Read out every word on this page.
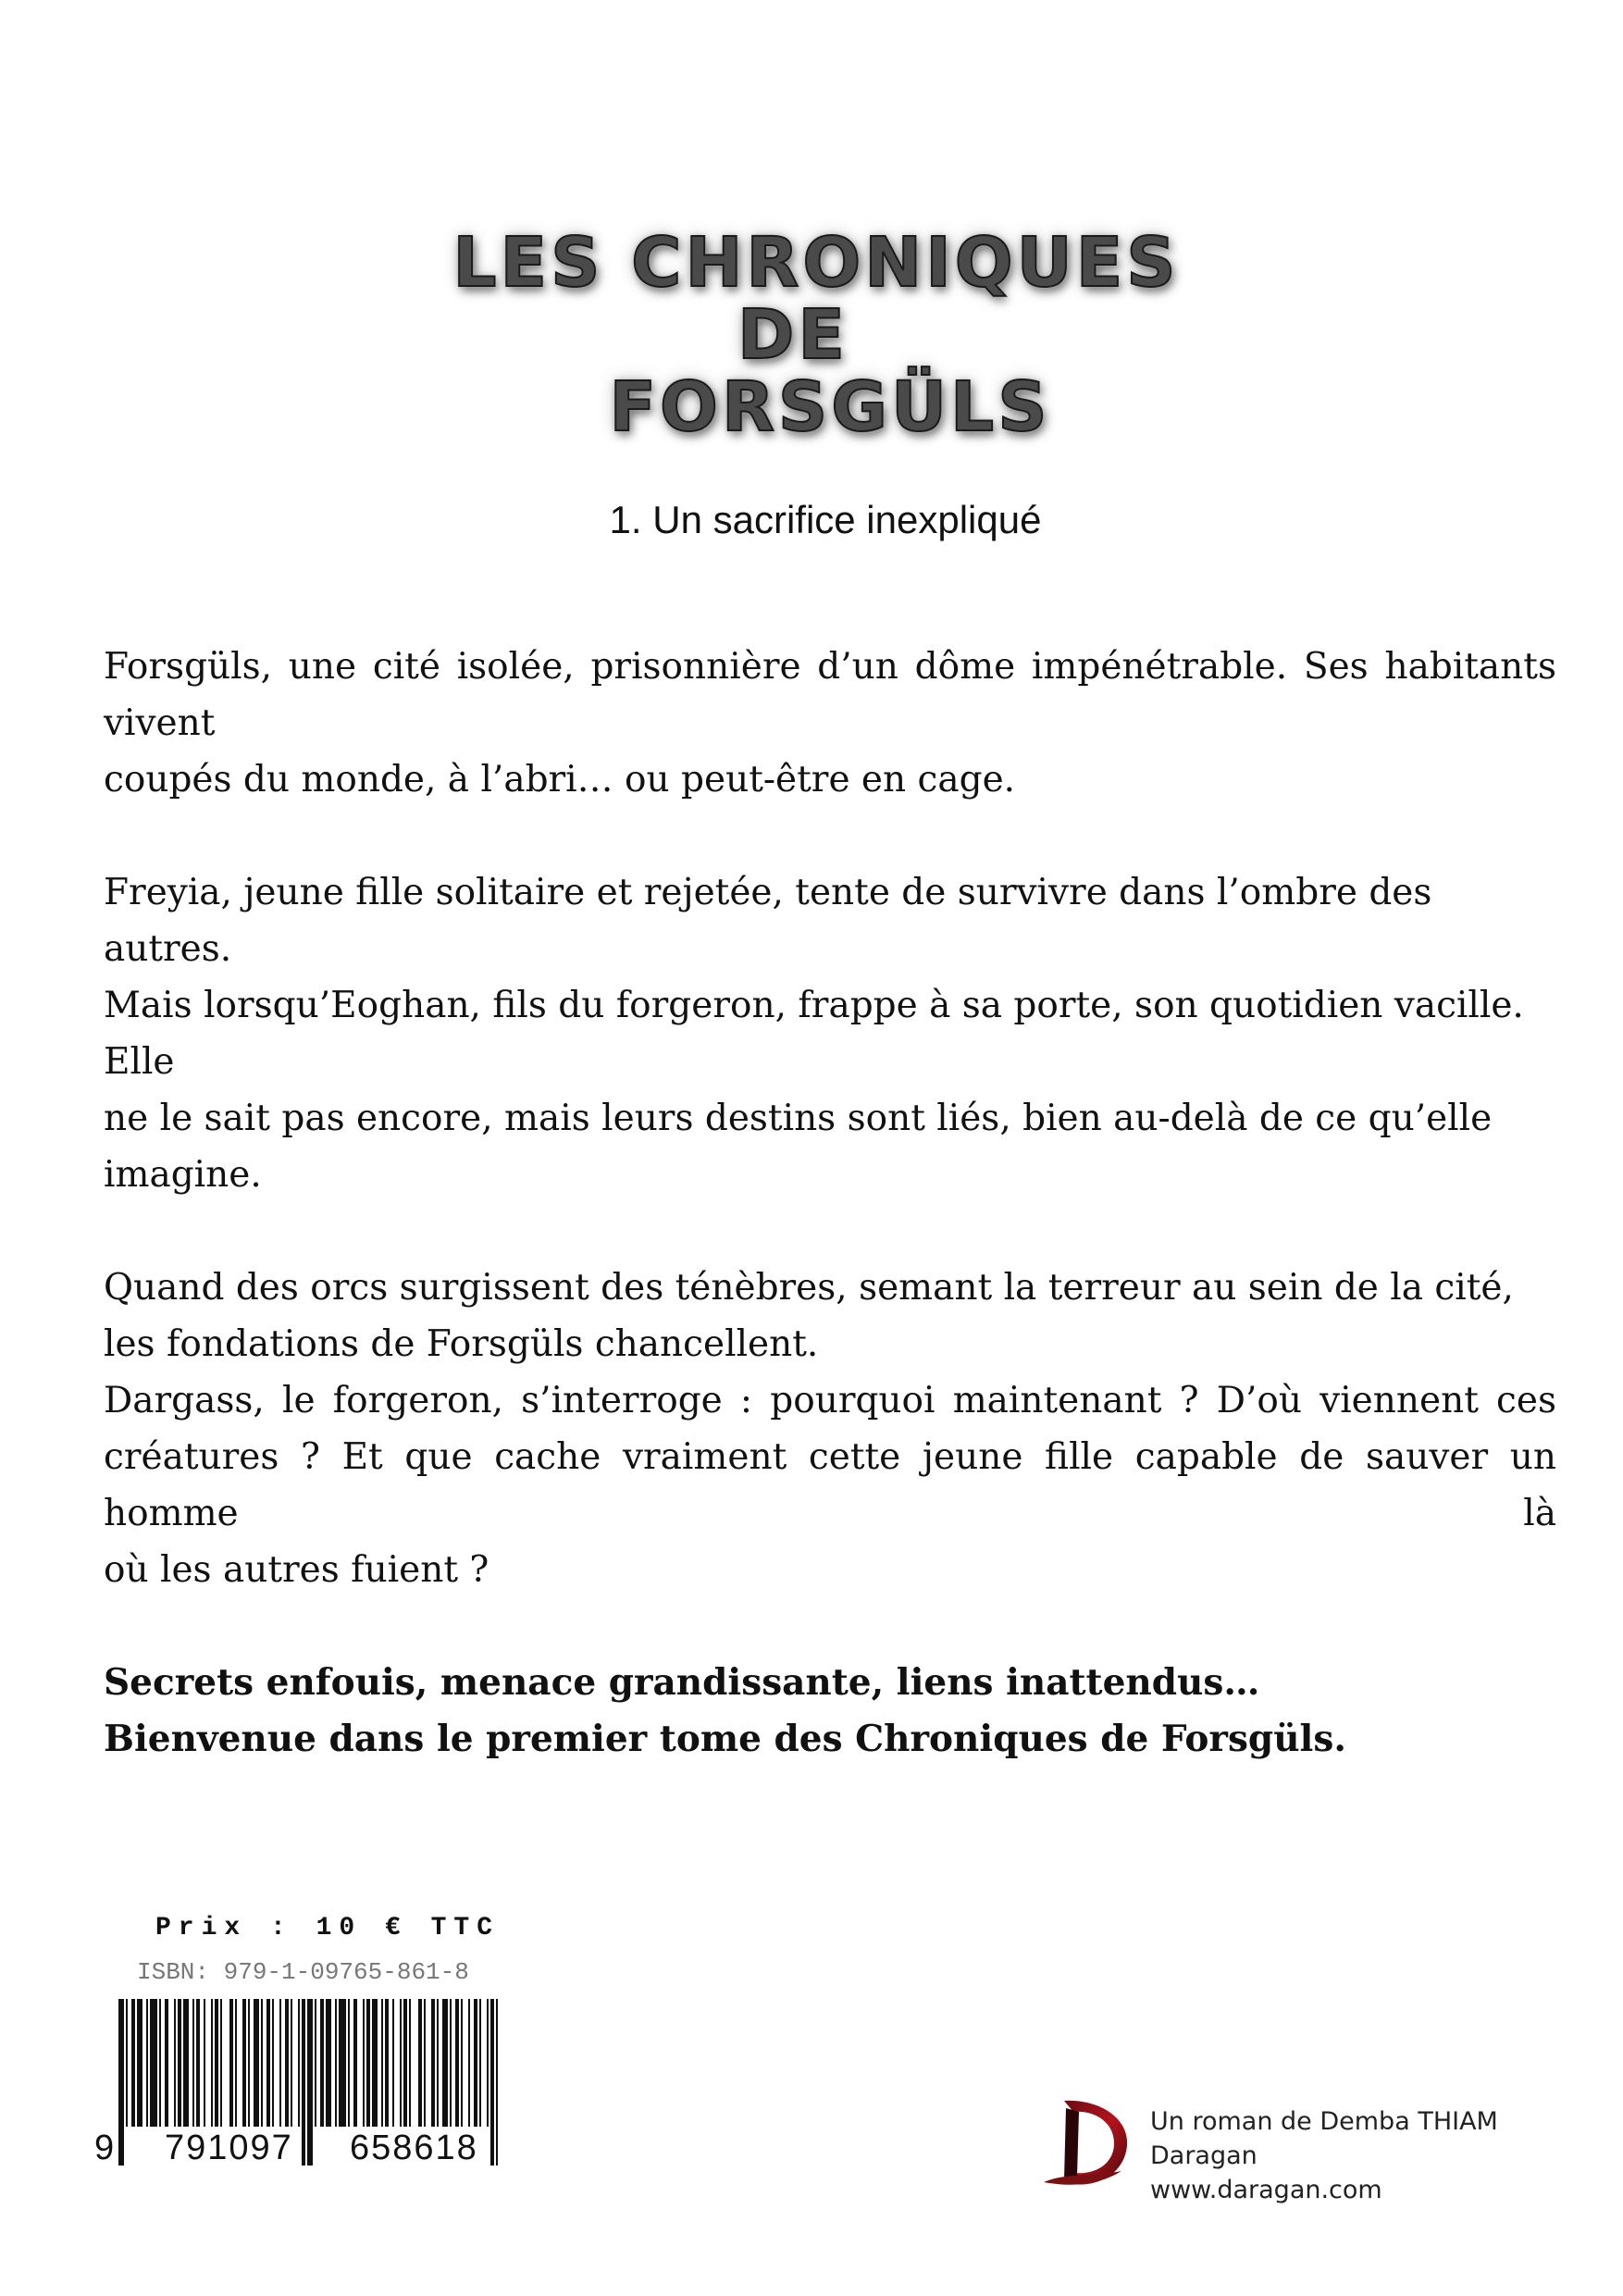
LES CHRONIQUES
DE
FORSGÜLS
1. Un sacrifice inexpliqué

Forsgüls, une cité isolée, prisonnière d’un dôme impénétrable. Ses habitants vivent
coupés du monde, à l’abri… ou peut-être en cage.

Freyia, jeune fille solitaire et rejetée, tente de survivre dans l’ombre des autres.
Mais lorsqu’Eoghan, fils du forgeron, frappe à sa porte, son quotidien vacille. Elle
ne le sait pas encore, mais leurs destins sont liés, bien au-delà de ce qu’elle imagine.

Quand des orcs surgissent des ténèbres, semant la terreur au sein de la cité,
les fondations de Forsgüls chancellent.
Dargass, le forgeron, s’interroge : pourquoi maintenant ? D’où viennent ces
créatures ? Et que cache vraiment cette jeune fille capable de sauver un homme là
où les autres fuient ?

Secrets enfouis, menace grandissante, liens inattendus…
Bienvenue dans le premier tome des Chroniques de Forsgüls.

Prix : 10 € TTC
ISBN: 979-1-09765-861-8
9 791097 658618
Un roman de Demba THIAM
Daragan
www.daragan.com
